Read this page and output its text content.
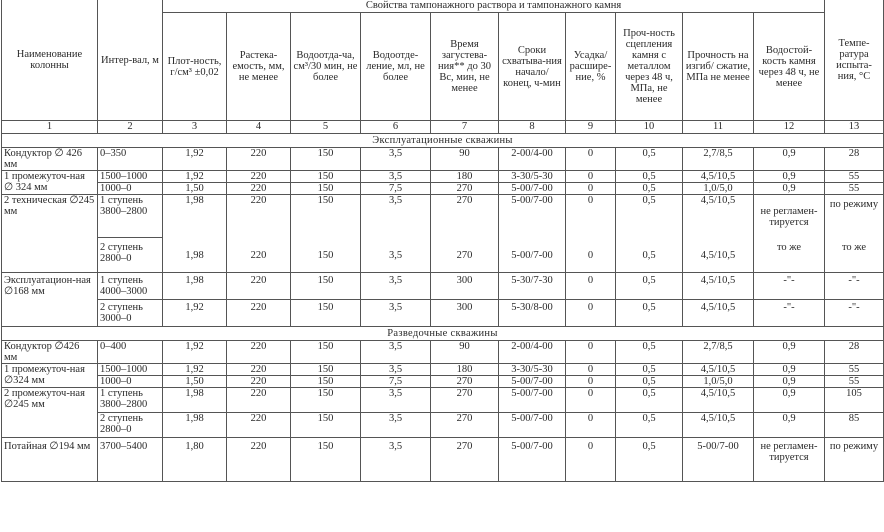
Наименование колонны	Интер-вал, м	Свойства тампонажного раствора и тампонажного камня										Темпе-ратура испыта-ния, °С
		Плот-ность, г/см³ ±0,02	Растека-емость, мм, не менее	Водоотда-ча, см³/30 мин, не более	Водоотде-ление, мл, не более	Время загустева-ния** до 30 Вс, мин, не менее	Сроки схватыва-ния начало/ конец, ч-мин	Усадка/ расшире-ние, %	Проч-ность сцепления камня с металлом через 48 ч, МПа, не менее	Прочность на изгиб/ сжатие, МПа не менее	Водостой-кость камня через 48 ч, не менее	
1	2	3	4	5	6	7	8	9	10	11	12	13
Эксплуатационные скважины												
Кондуктор ∅ 426 мм	0–350	1,92	220	150	3,5	90	2-00/4-00	0	0,5	2,7/8,5	0,9	28
1 промежуточ-ная ∅ 324 мм	1500–1000	1,92	220	150	3,5	180	3-30/5-30	0	0,5	4,5/10,5	0,9	55
	1000–0	1,50	220	150	7,5	270	5-00/7-00	0	0,5	1,0/5,0	0,9	55
2 техническая ∅245 мм	1 ступень 3800–2800	1,98	220	150	3,5	270	5-00/7-00	0	0,5	4,5/10,5	не регламен-тируется	по режиму
	2 ступень 2800–0	1,98	220	150	3,5	270	5-00/7-00	0	0,5	4,5/10,5	то же	то же
Эксплуатацион-ная ∅168 мм	1 ступень 4000–3000	1,98	220	150	3,5	300	5-30/7-30	0	0,5	4,5/10,5	-"-	-"-
	2 ступень 3000–0	1,92	220	150	3,5	300	5-30/8-00	0	0,5	4,5/10,5	-"-	-"-
Разведочные скважины												
Кондуктор ∅426 мм	0–400	1,92	220	150	3,5	90	2-00/4-00	0	0,5	2,7/8,5	0,9	28
1 промежуточ-ная ∅324 мм	1500–1000	1,92	220	150	3,5	180	3-30/5-30	0	0,5	4,5/10,5	0,9	55
	1000–0	1,50	220	150	7,5	270	5-00/7-00	0	0,5	1,0/5,0	0,9	55
2 промежуточ-ная ∅245 мм	1 ступень 3800–2800	1,98	220	150	3,5	270	5-00/7-00	0	0,5	4,5/10,5	0,9	105
	2 ступень 2800–0	1,98	220	150	3,5	270	5-00/7-00	0	0,5	4,5/10,5	0,9	85
Потайная ∅194 мм	3700–5400	1,80	220	150	3,5	270	5-00/7-00	0	0,5	5-00/7-00	не регламен-тируется	по режиму
